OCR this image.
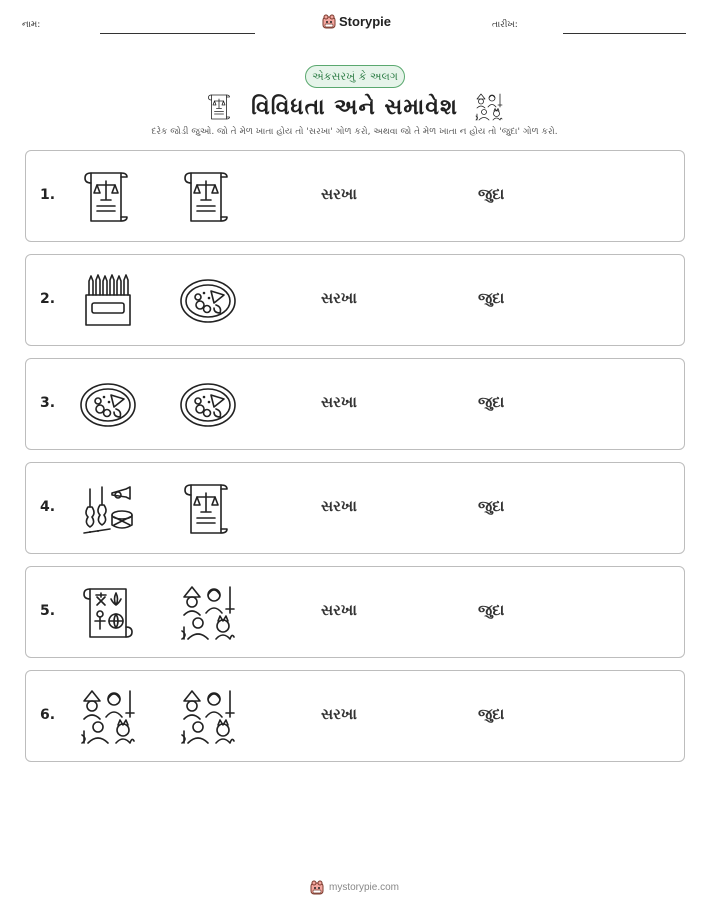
નામ:	Storypie	તારીખ:
એકસરખું કે અલગ
વિવિધતા અને સમાવેશ
દરેક જોડી જુઓ. જો તે મેળ ખાતા હોય તો 'સરખા' ગોળ કરો, અથવા જો તે મેળ ખાતા ન હોય તો 'જુદા' ગોળ કરો.
1.	સરખા	જુદા
2.	સરખા	જુદા
3.	સરખા	જુદા
4.	સરખા	જુદા
5.	સરખા	જુદા
6.	સરખા	જુદા
mystorypie.com
